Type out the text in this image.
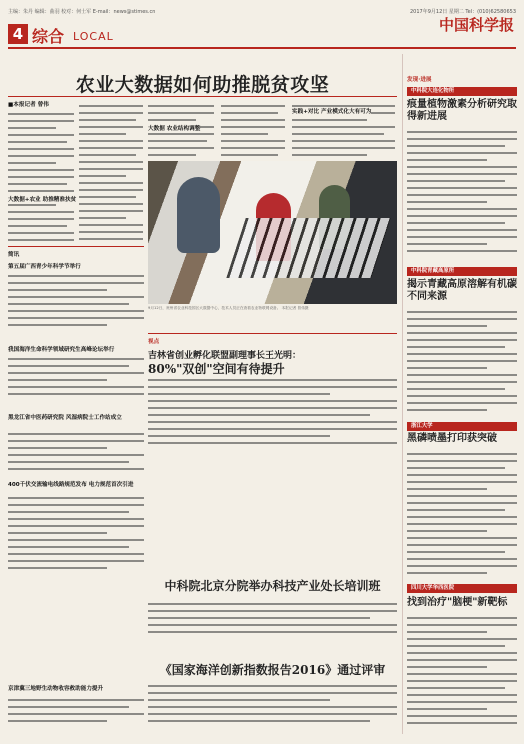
主编：朱丹 编辑：曲羽 校对：何士军 E-mail：news@stimes.cn	2017年9月12日 星期二 Tel：(010)62580653
中国科学报
4 综合 LOCAL
农业大数据如何助推脱贫攻坚
■本报记者 曾伟
大数据+农业 助推精准扶贫
大数据 农业结构调整
实践+对比 产业模式化大有可为
9月12日，贵州省农业科技园区大数据中心，技术人员正在查看农业物联网设备。 本报记者 曾伟摄
简讯
第五届广西青少年科学节举行
我国海洋生命科学领域研究生高峰论坛举行
黑龙江省中医药研究院 风湿病院士工作站成立
400千伏交流输电线路规范发布 电力规范首次引进
京津冀三地野生动物收容救助能力提升
视点
吉林省创业孵化联盟副理事长王光明：
80%"双创"空间有待提升
中科院北京分院举办科技产业处长培训班
《国家海洋创新指数报告2016》通过评审
发现·进展
中科院大连化物所
痕量植物激素分析研究取得新进展
中科院青藏高原所
揭示青藏高原溶解有机碳不同来源
浙江大学
黑磷喷墨打印获突破
四川大学华西医院
找到治疗"脑梗"新靶标
